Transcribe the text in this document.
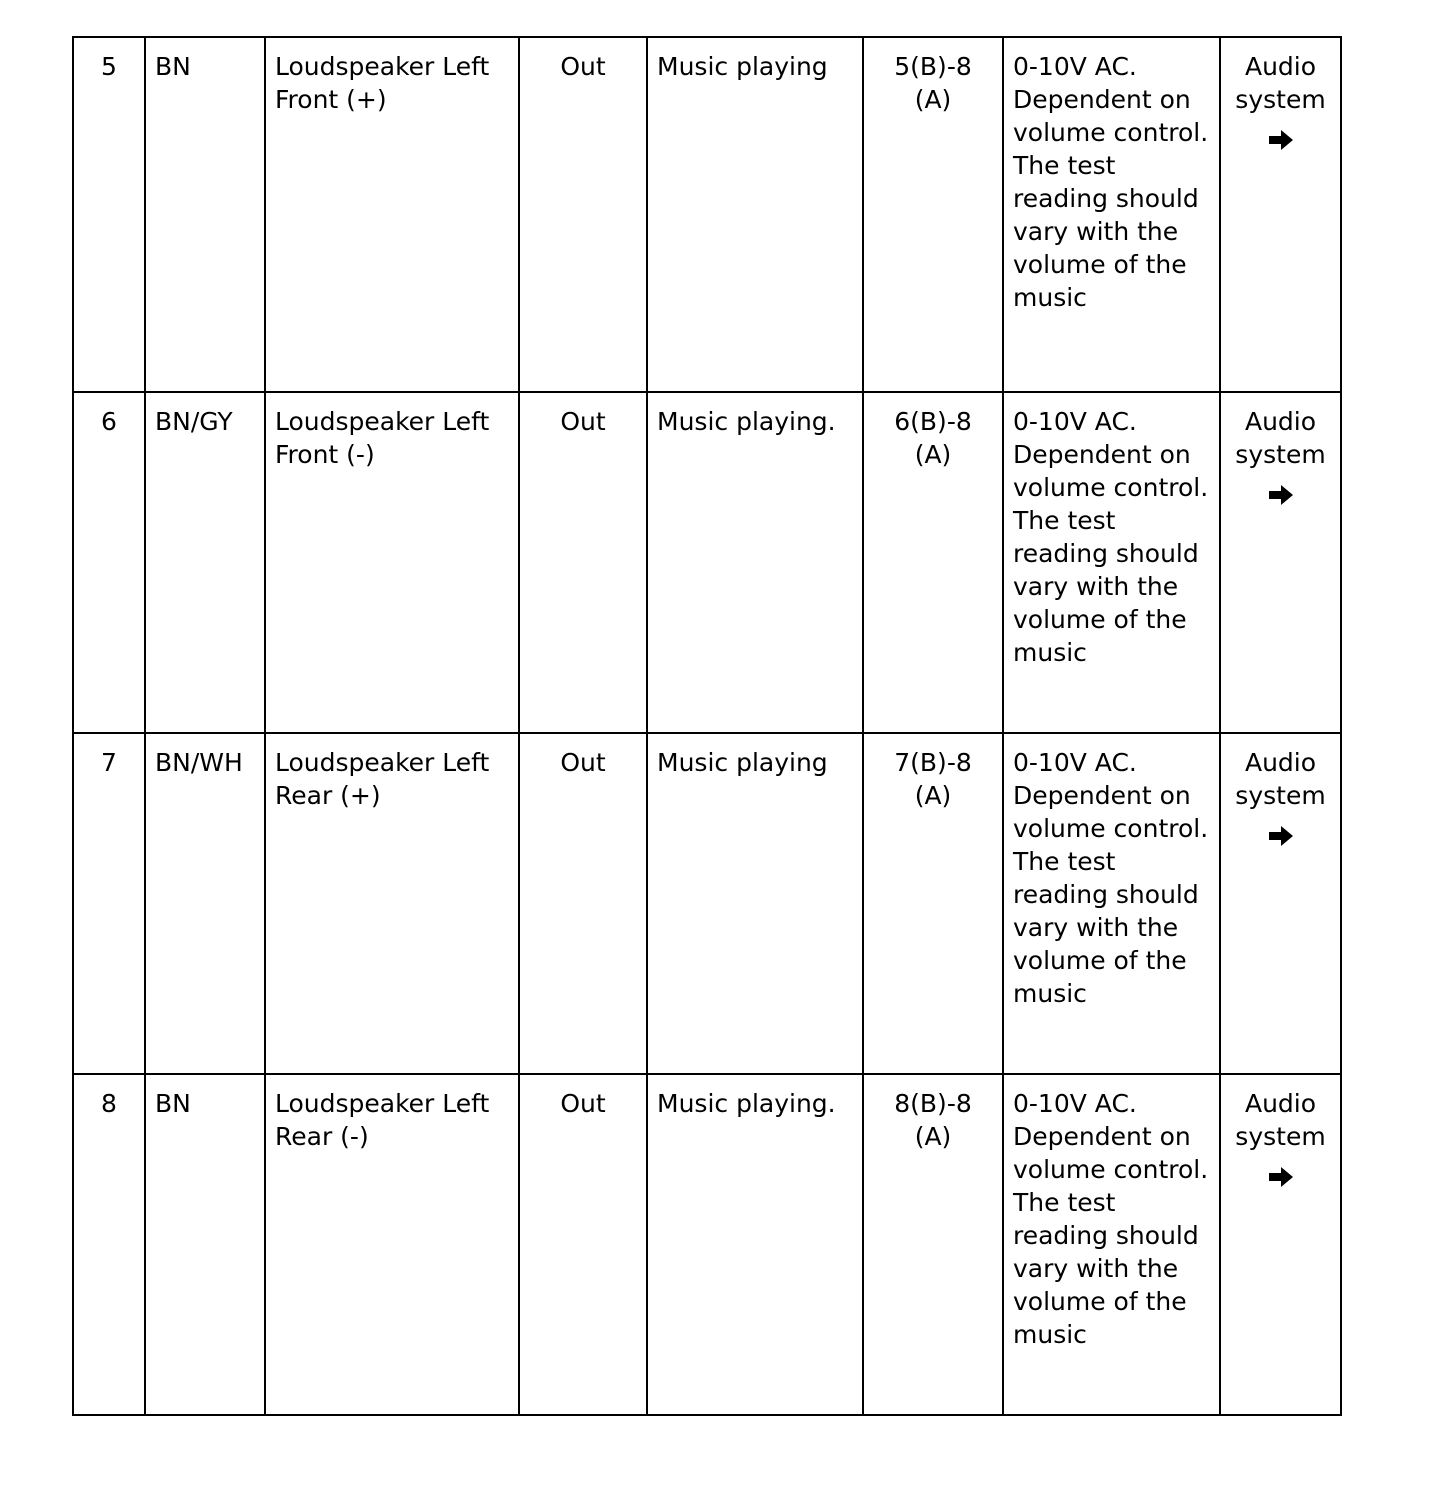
5	BN	Loudspeaker Left Front (+)	Out	Music playing	5(B)-8 (A)	0-10V AC. Dependent on volume control. The test reading should vary with the volume of the music	Audio system

6	BN/GY	Loudspeaker Left Front (-)	Out	Music playing.	6(B)-8 (A)	0-10V AC. Dependent on volume control. The test reading should vary with the volume of the music	Audio system

7	BN/WH	Loudspeaker Left Rear (+)	Out	Music playing	7(B)-8 (A)	0-10V AC. Dependent on volume control. The test reading should vary with the volume of the music	Audio system

8	BN	Loudspeaker Left Rear (-)	Out	Music playing.	8(B)-8 (A)	0-10V AC. Dependent on volume control. The test reading should vary with the volume of the music	Audio system
